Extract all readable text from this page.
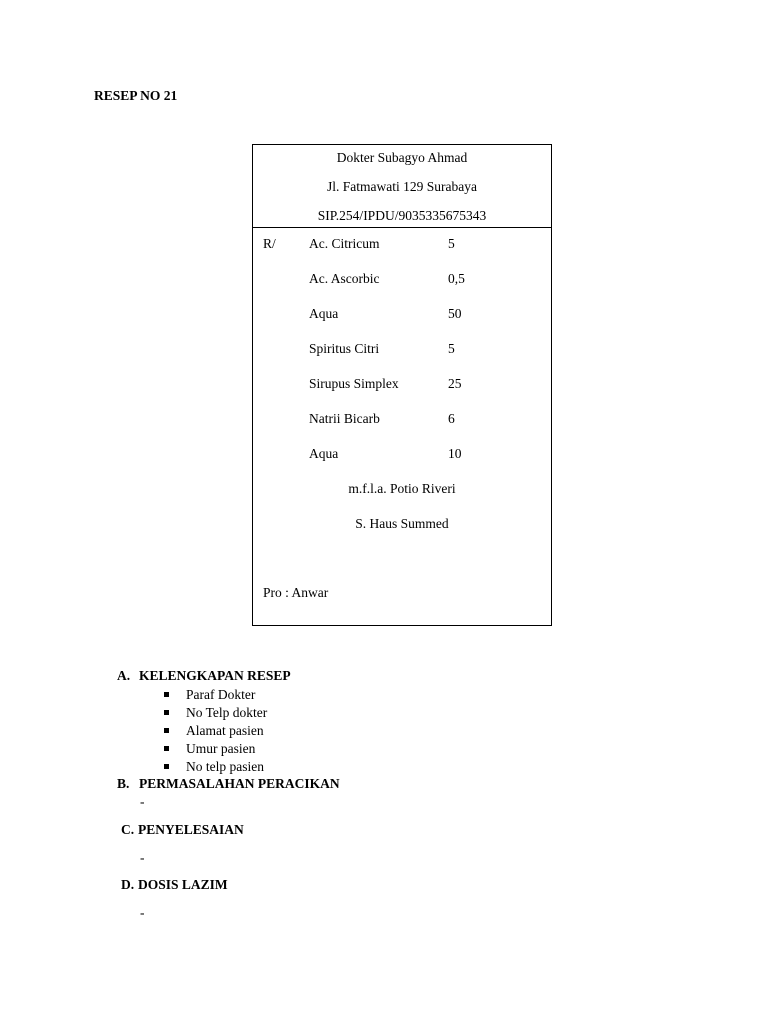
RESEP NO 21
Dokter Subagyo Ahmad
Jl. Fatmawati 129 Surabaya
SIP.254/IPDU/9035335675343
R/ Ac. Citricum	5
Ac. Ascorbic	0,5
Aqua	50
Spiritus Citri	5
Sirupus Simplex	25
Natrii Bicarb	6
Aqua	10
m.f.l.a. Potio Riveri
S. Haus Summed
Pro : Anwar
A. KELENGKAPAN RESEP
Paraf Dokter
No Telp dokter
Alamat pasien
Umur pasien
No telp pasien
B. PERMASALAHAN PERACIKAN
-
C. PENYELESAIAN
-
D. DOSIS LAZIM
-
